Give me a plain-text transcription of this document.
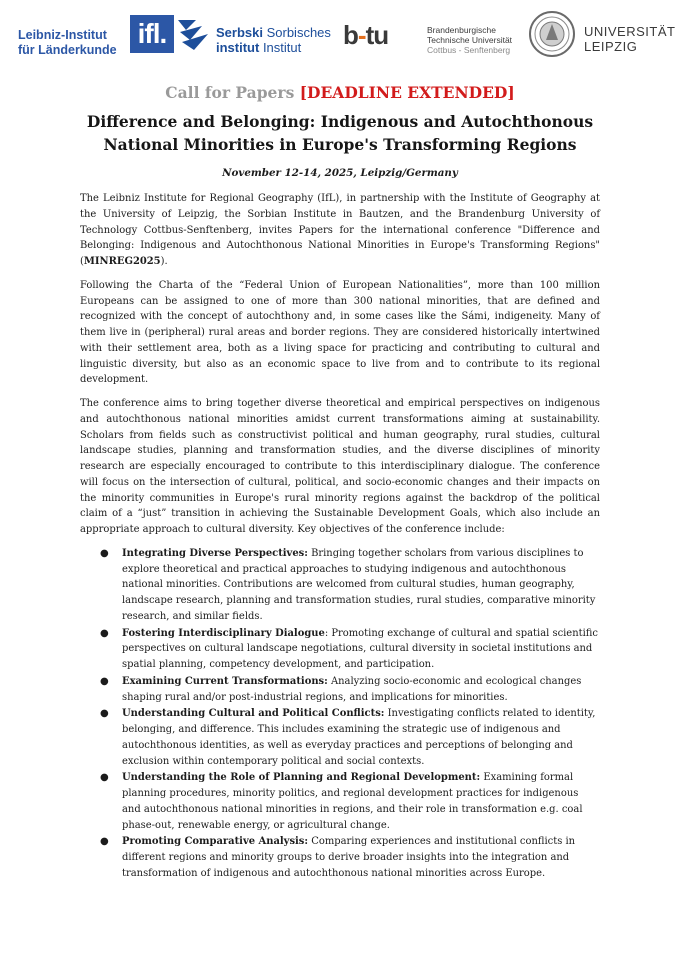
Leibniz-Institut
für Länderkunde
ifl.	Serbski Sorbisches
institut Institut	b-tu	Brandenburgische
Technische Universität
Cottbus - Senftenberg
UNIVERSITÄT
LEIPZIG
Call for Papers [DEADLINE EXTENDED]
Difference and Belonging: Indigenous and Autochthonous National Minorities in Europe's Transforming Regions

November 12-14, 2025, Leipzig/Germany

The Leibniz Institute for Regional Geography (IfL), in partnership with the Institute of Geography at the University of Leipzig, the Sorbian Institute in Bautzen, and the Brandenburg University of Technology Cottbus-Senftenberg, invites Papers for the international conference "Difference and Belonging: Indigenous and Autochthonous National Minorities in Europe's Transforming Regions" (MINREG2025).

Following the Charta of the “Federal Union of European Nationalities”, more than 100 million Europeans can be assigned to one of more than 300 national minorities, that are defined and recognized with the concept of autochthony and, in some cases like the Sámi, indigeneity. Many of them live in (peripheral) rural areas and border regions. They are considered historically intertwined with their settlement area, both as a living space for practicing and contributing to cultural and linguistic diversity, but also as an economic space to live from and to contribute to its regional development.

The conference aims to bring together diverse theoretical and empirical perspectives on indigenous and autochthonous national minorities amidst current transformations aiming at sustainability. Scholars from fields such as constructivist political and human geography, rural studies, cultural landscape studies, planning and transformation studies, and the diverse disciplines of minority research are especially encouraged to contribute to this interdisciplinary dialogue. The conference will focus on the intersection of cultural, political, and socio-economic changes and their impacts on the minority communities in Europe's rural minority regions against the backdrop of the political claim of a “just” transition in achieving the Sustainable Development Goals, which also include an appropriate approach to cultural diversity. Key objectives of the conference include:

● Integrating Diverse Perspectives: Bringing together scholars from various disciplines to explore theoretical and practical approaches to studying indigenous and autochthonous national minorities. Contributions are welcomed from cultural studies, human geography, landscape research, planning and transformation studies, rural studies, comparative minority research, and similar fields.
● Fostering Interdisciplinary Dialogue: Promoting exchange of cultural and spatial scientific perspectives on cultural landscape negotiations, cultural diversity in societal institutions and spatial planning, competency development, and participation.
● Examining Current Transformations: Analyzing socio-economic and ecological changes shaping rural and/or post-industrial regions, and implications for minorities.
● Understanding Cultural and Political Conflicts: Investigating conflicts related to identity, belonging, and difference. This includes examining the strategic use of indigenous and autochthonous identities, as well as everyday practices and perceptions of belonging and exclusion within contemporary political and social contexts.
● Understanding the Role of Planning and Regional Development: Examining formal planning procedures, minority politics, and regional development practices for indigenous and autochthonous national minorities in regions, and their role in transformation e.g. coal phase-out, renewable energy, or agricultural change.
● Promoting Comparative Analysis: Comparing experiences and institutional conflicts in different regions and minority groups to derive broader insights into the integration and transformation of indigenous and autochthonous national minorities across Europe.
